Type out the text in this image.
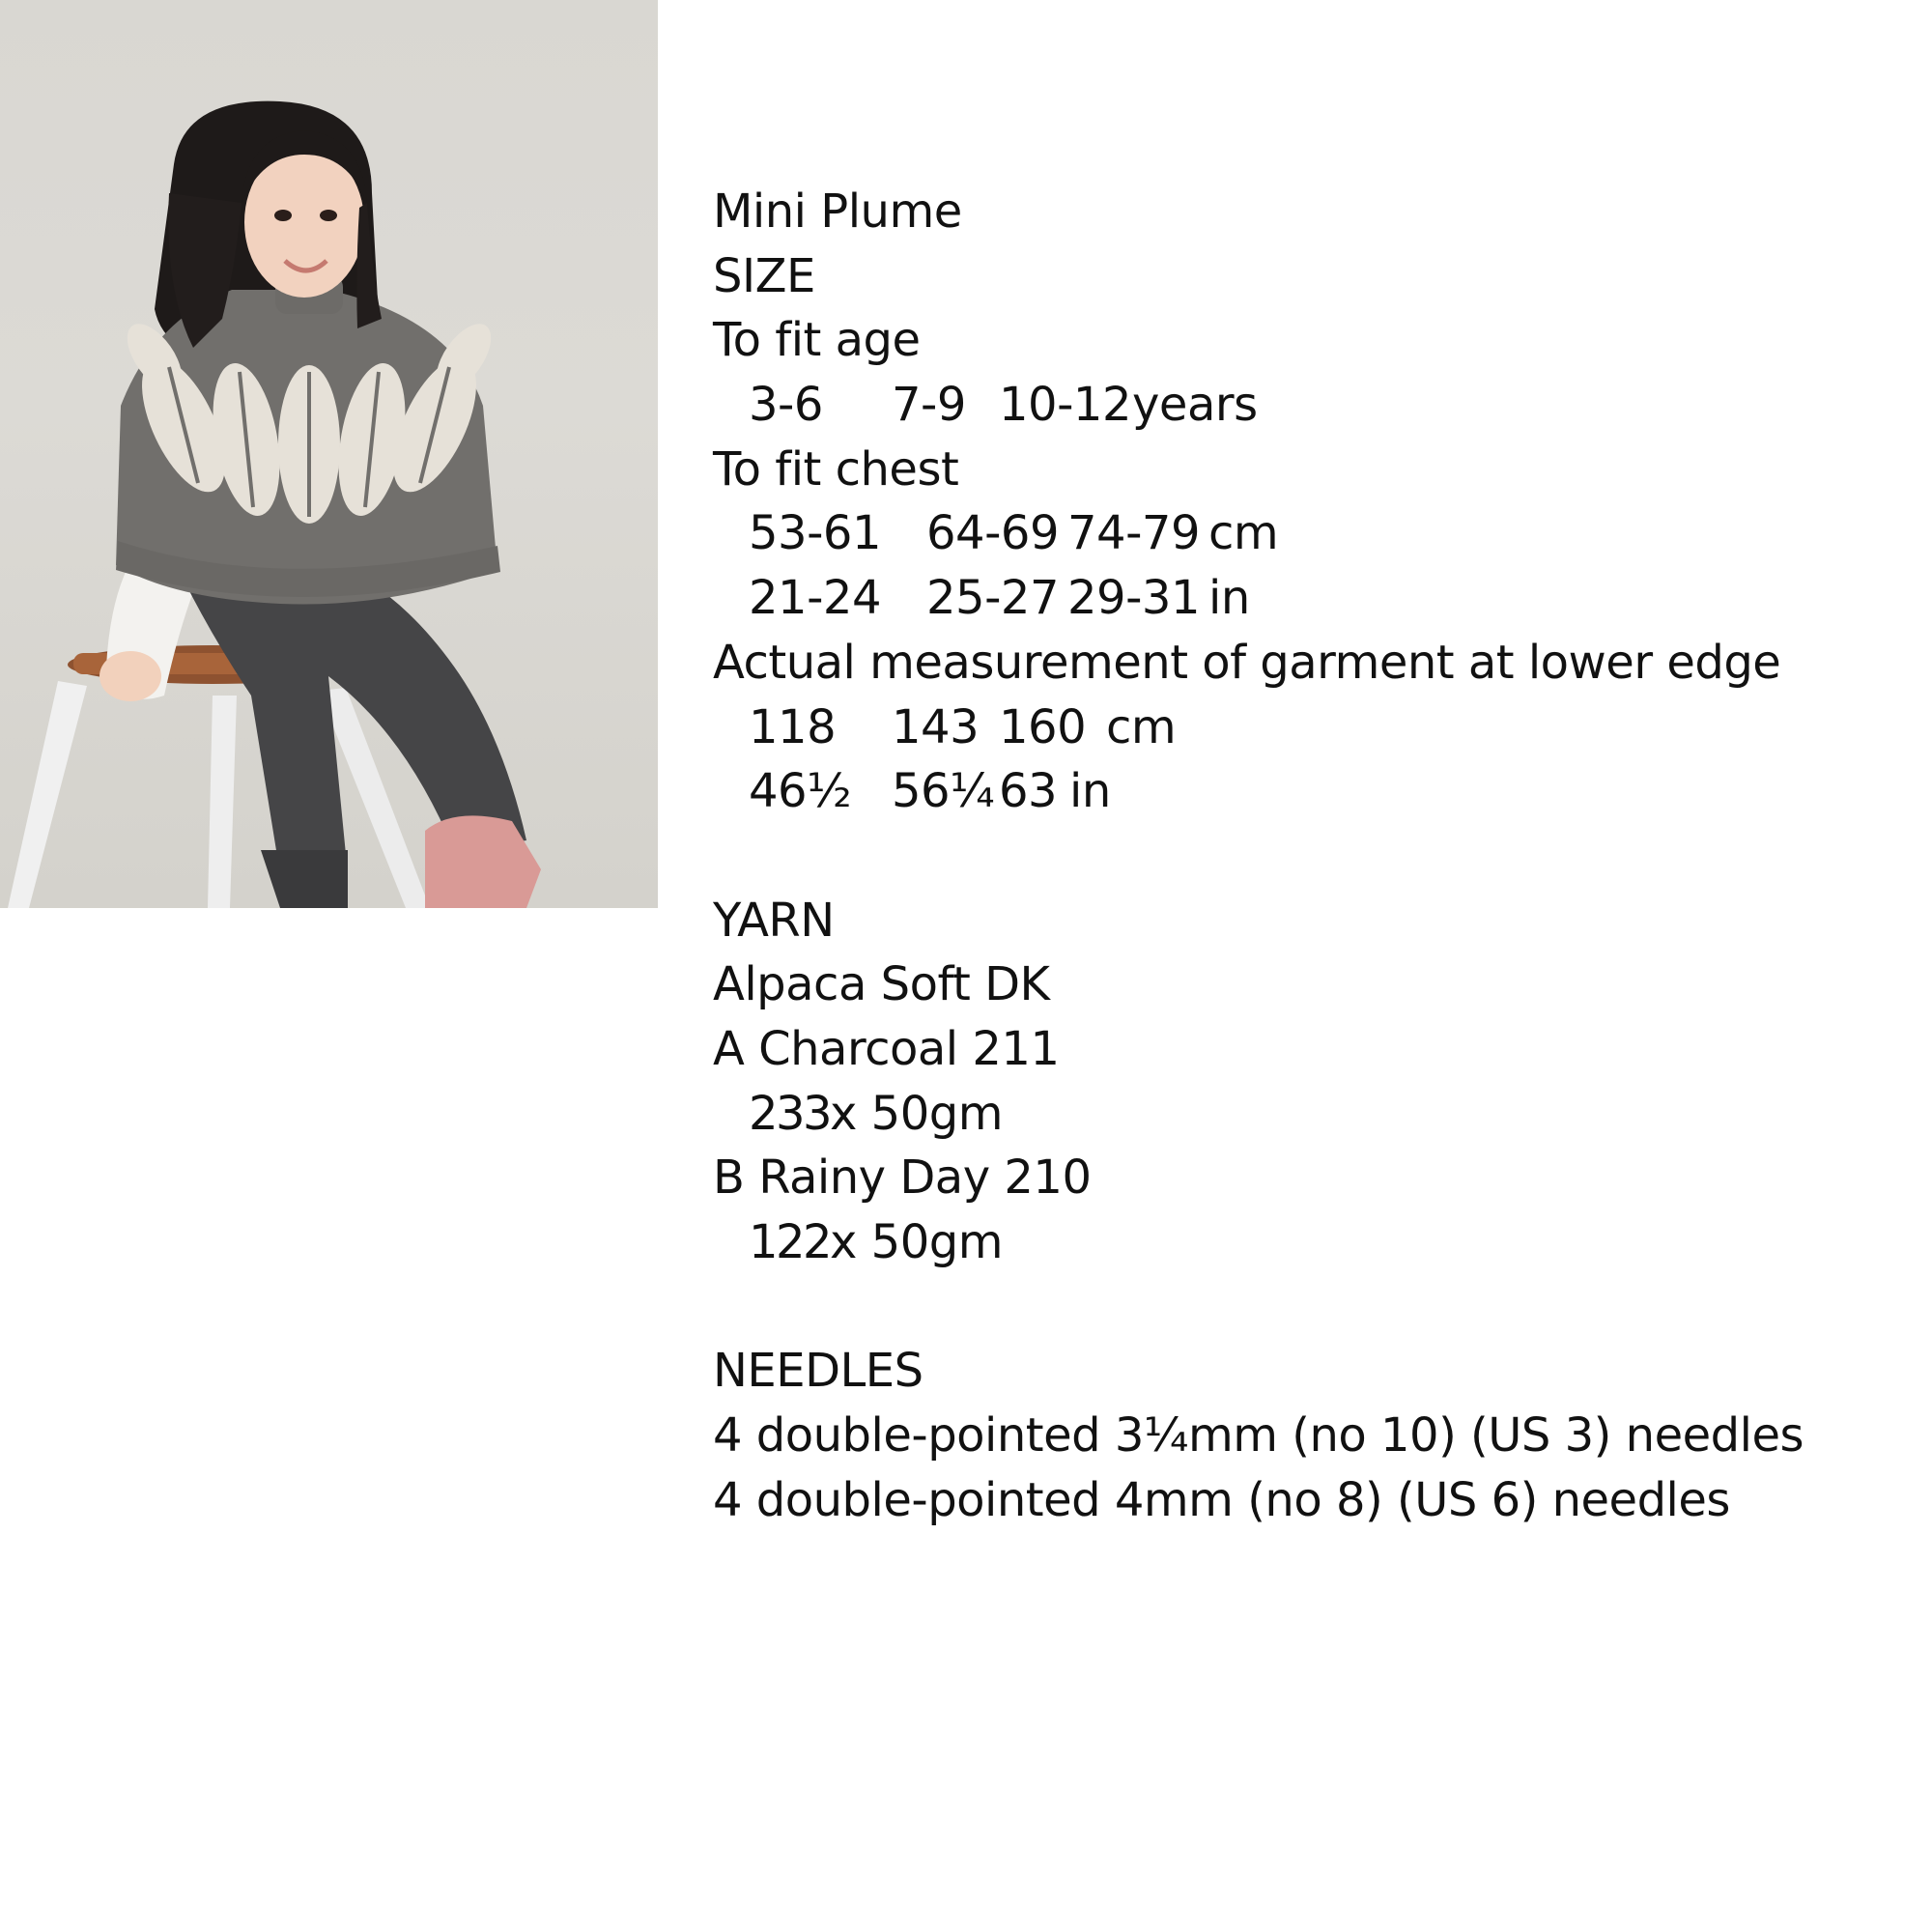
Mini Plume
SIZE
To fit age
3-6 7-9 10-12years
To fit chest
53-61 64-69 74-79 cm
21-24 25-27 29-31 in
Actual measurement of garment at lower edge
118 143 160 cm
46½ 56¼ 63 in
YARN
Alpaca Soft DK
A Charcoal 211
233x 50gm
B Rainy Day 210
122x 50gm
NEEDLES
4 double-pointed 3¼mm (no 10) (US 3) needles
4 double-pointed 4mm (no 8) (US 6) needles
